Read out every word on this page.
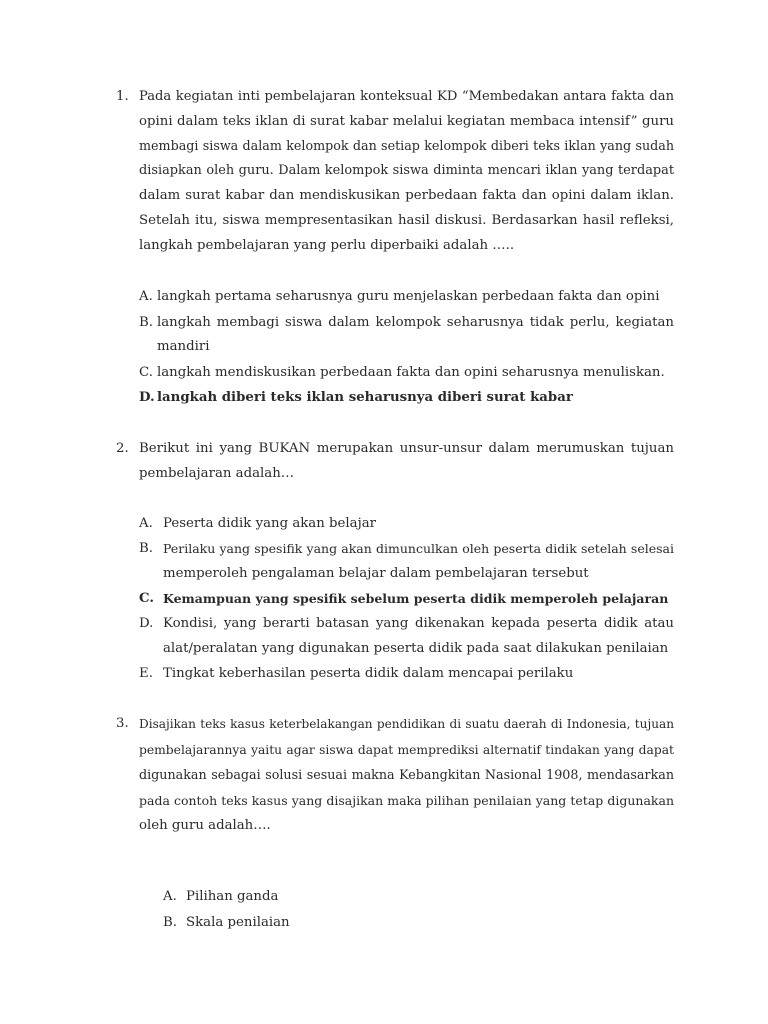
1. Pada kegiatan inti pembelajaran konteksual KD “Membedakan antara fakta dan
opini dalam teks iklan di surat kabar melalui kegiatan membaca intensif” guru
membagi siswa dalam kelompok dan setiap kelompok diberi teks iklan yang sudah
disiapkan oleh guru. Dalam kelompok siswa diminta mencari iklan yang terdapat
dalam surat kabar dan mendiskusikan perbedaan fakta dan opini dalam iklan.
Setelah itu, siswa mempresentasikan hasil diskusi. Berdasarkan hasil refleksi,
langkah pembelajaran yang perlu diperbaiki adalah …..
A. langkah pertama seharusnya guru menjelaskan perbedaan fakta dan opini
B. langkah membagi siswa dalam kelompok seharusnya tidak perlu, kegiatan
mandiri
C. langkah mendiskusikan perbedaan fakta dan opini seharusnya menuliskan.
D. langkah diberi teks iklan seharusnya diberi surat kabar
2. Berikut ini yang BUKAN merupakan unsur-unsur dalam merumuskan tujuan
pembelajaran adalah…
A. Peserta didik yang akan belajar
B. Perilaku yang spesifik yang akan dimunculkan oleh peserta didik setelah selesai
memperoleh pengalaman belajar dalam pembelajaran tersebut
C. Kemampuan yang spesifik sebelum peserta didik memperoleh pelajaran
D. Kondisi, yang berarti batasan yang dikenakan kepada peserta didik atau
alat/peralatan yang digunakan peserta didik pada saat dilakukan penilaian
E. Tingkat keberhasilan peserta didik dalam mencapai perilaku
3. Disajikan teks kasus keterbelakangan pendidikan di suatu daerah di Indonesia, tujuan
pembelajarannya yaitu agar siswa dapat memprediksi alternatif tindakan yang dapat
digunakan sebagai solusi sesuai makna Kebangkitan Nasional 1908, mendasarkan
pada contoh teks kasus yang disajikan maka pilihan penilaian yang tetap digunakan
oleh guru adalah….
A. Pilihan ganda
B. Skala penilaian
